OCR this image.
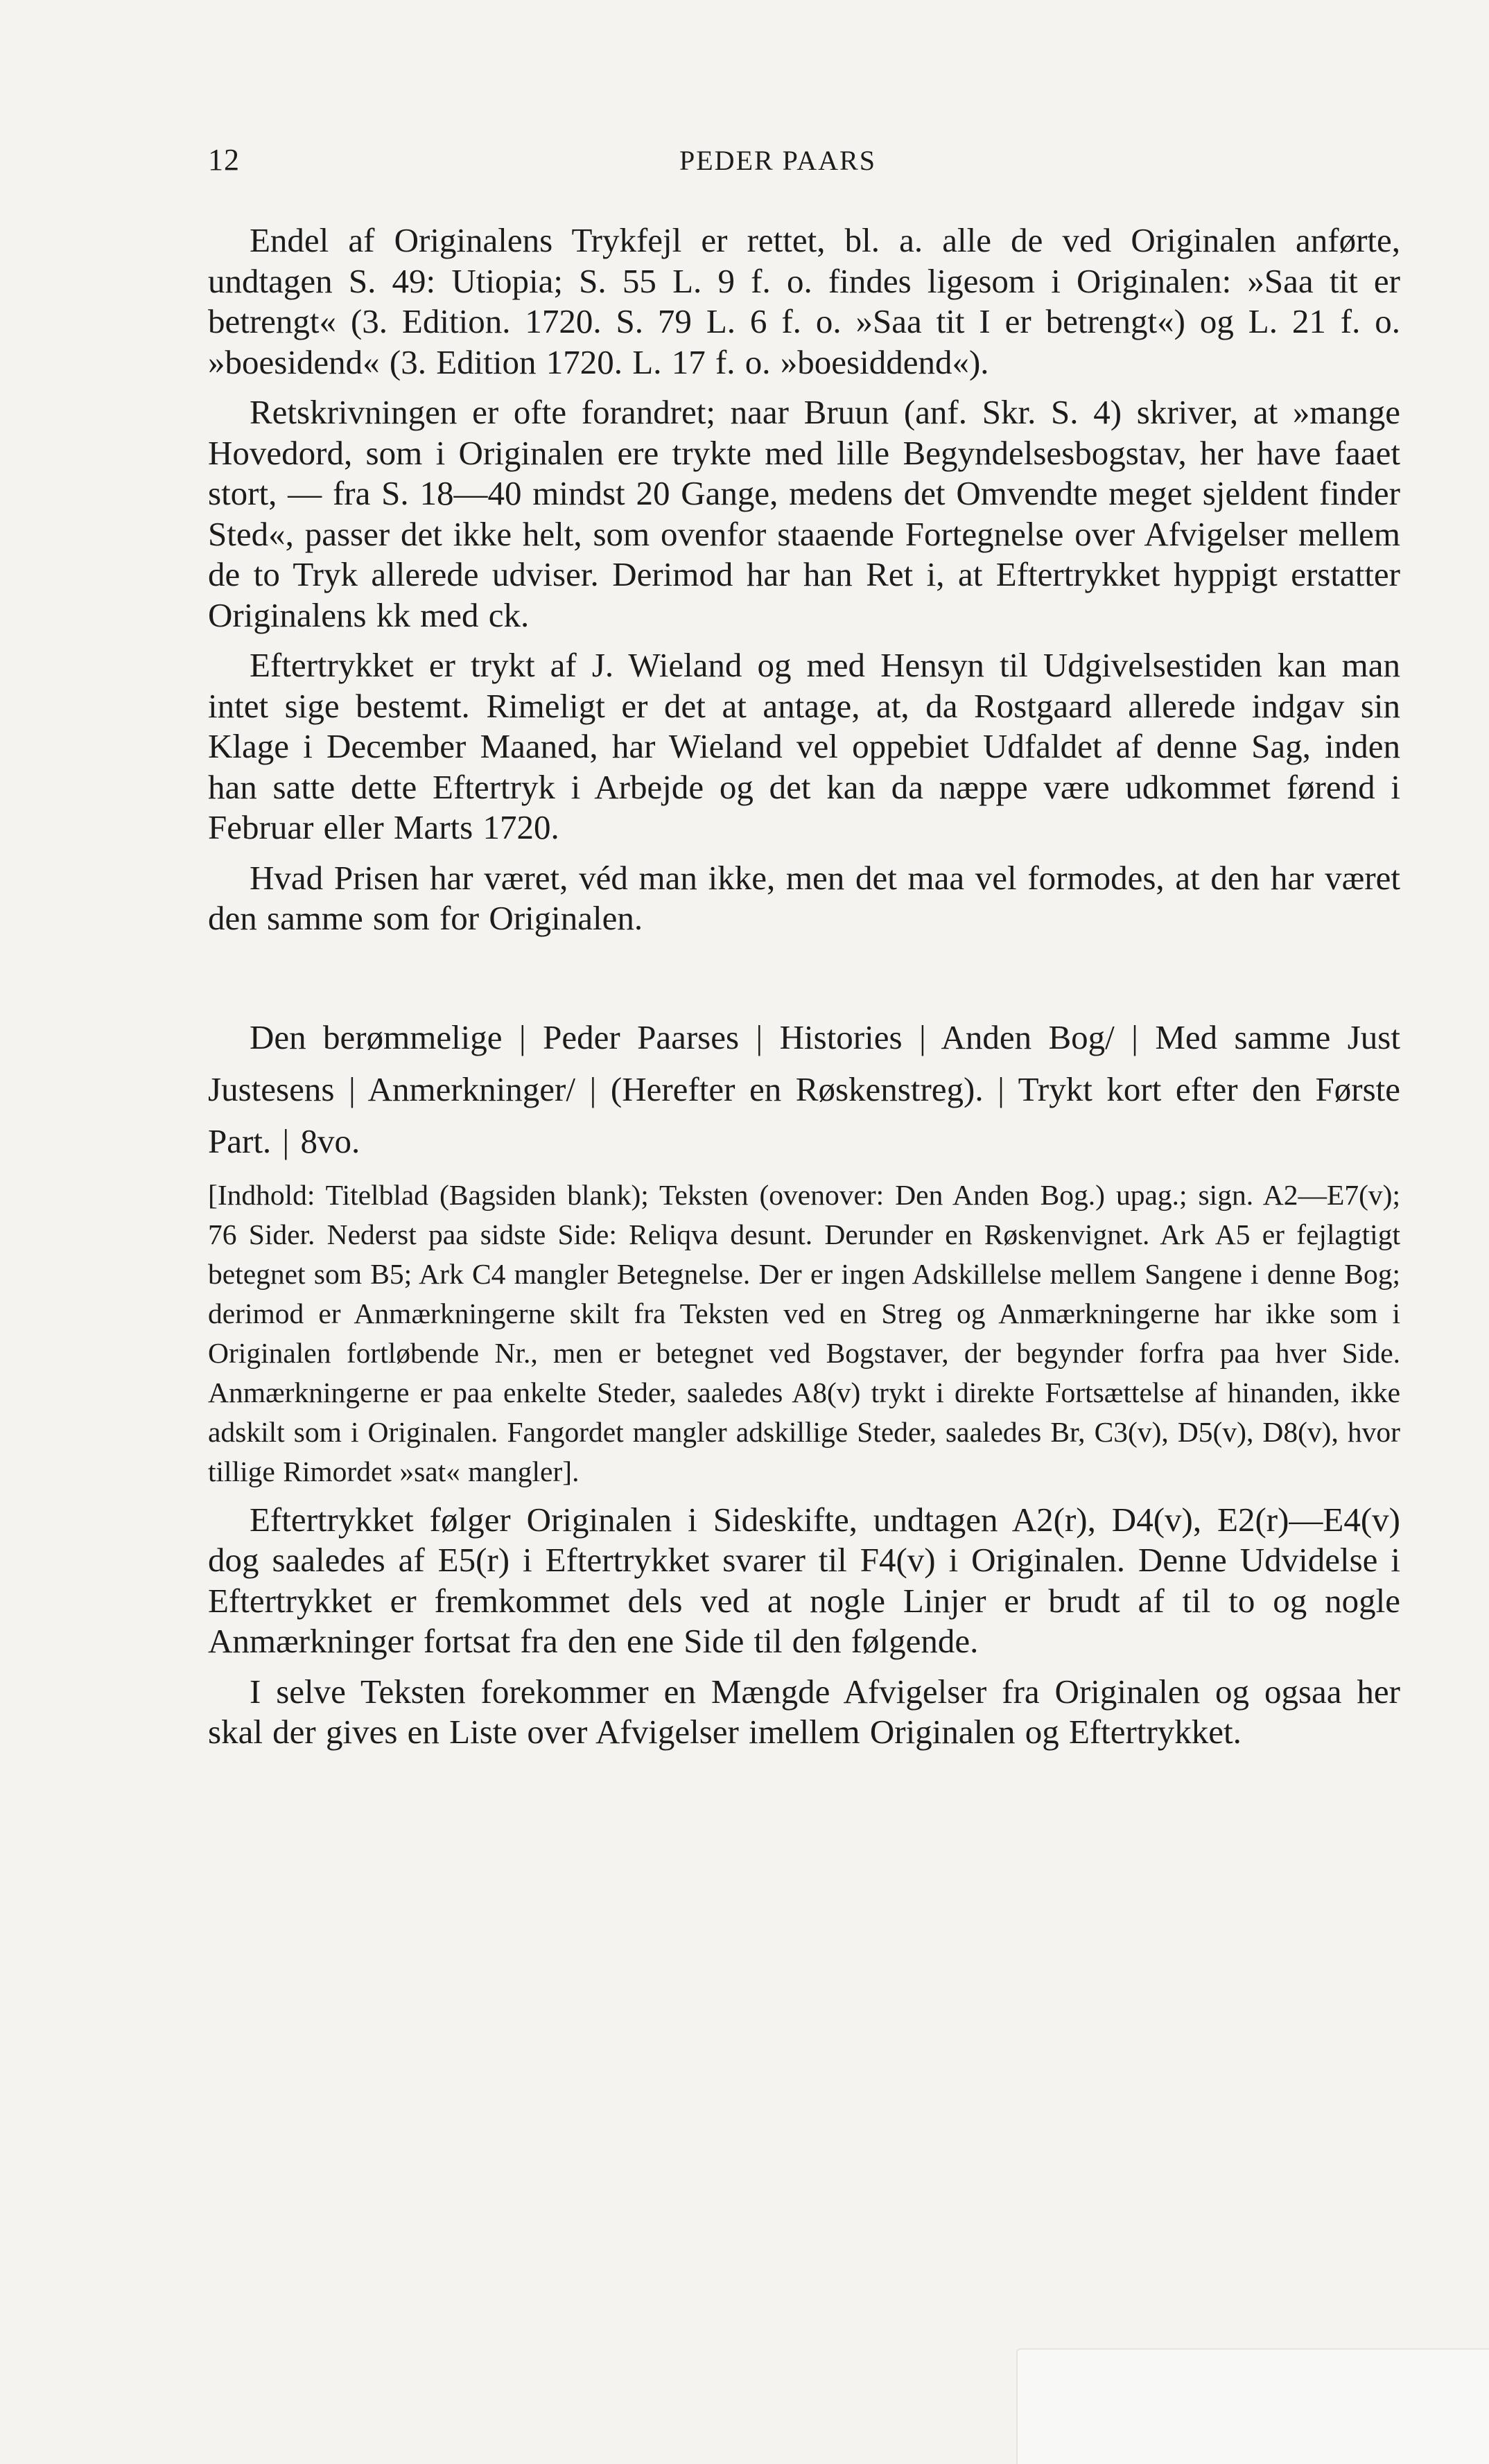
12	PEDER PAARS

Endel af Originalens Trykfejl er rettet, bl. a. alle de ved Originalen anførte, undtagen S. 49: Utiopia; S. 55 L. 9 f. o. findes ligesom i Originalen: »Saa tit er betrengt« (3. Edition. 1720. S. 79 L. 6 f. o. »Saa tit I er betrengt«) og L. 21 f. o. »boesidend« (3. Edition 1720. L. 17 f. o. »boesiddend«).

Retskrivningen er ofte forandret; naar Bruun (anf. Skr. S. 4) skriver, at »mange Hovedord, som i Originalen ere trykte med lille Begyndelsesbogstav, her have faaet stort, — fra S. 18—40 mindst 20 Gange, medens det Omvendte meget sjeldent finder Sted«, passer det ikke helt, som ovenfor staaende Fortegnelse over Afvigelser mellem de to Tryk allerede udviser. Derimod har han Ret i, at Eftertrykket hyppigt erstatter Originalens kk med ck.

Eftertrykket er trykt af J. Wieland og med Hensyn til Udgivelsestiden kan man intet sige bestemt. Rimeligt er det at antage, at, da Rostgaard allerede indgav sin Klage i December Maaned, har Wieland vel oppebiet Udfaldet af denne Sag, inden han satte dette Eftertryk i Arbejde og det kan da næppe være udkommet førend i Februar eller Marts 1720.

Hvad Prisen har været, véd man ikke, men det maa vel formodes, at den har været den samme som for Originalen.

Den berømmelige | Peder Paarses | Histories | Anden Bog/ | Med samme Just Justesens | Anmerkninger/ | (Herefter en Røskenstreg). | Trykt kort efter den Første Part. | 8vo.

[Indhold: Titelblad (Bagsiden blank); Teksten (ovenover: Den Anden Bog.) upag.; sign. A2—E7(v); 76 Sider. Nederst paa sidste Side: Reliqva desunt. Derunder en Røskenvignet. Ark A5 er fejlagtigt betegnet som B5; Ark C4 mangler Betegnelse. Der er ingen Adskillelse mellem Sangene i denne Bog; derimod er Anmærkningerne skilt fra Teksten ved en Streg og Anmærkningerne har ikke som i Originalen fortløbende Nr., men er betegnet ved Bogstaver, der begynder forfra paa hver Side. Anmærkningerne er paa enkelte Steder, saaledes A8(v) trykt i direkte Fortsættelse af hinanden, ikke adskilt som i Originalen. Fangordet mangler adskillige Steder, saaledes Br, C3(v), D5(v), D8(v), hvor tillige Rimordet »sat« mangler].

Eftertrykket følger Originalen i Sideskifte, undtagen A2(r), D4(v), E2(r)—E4(v) dog saaledes af E5(r) i Eftertrykket svarer til F4(v) i Originalen. Denne Udvidelse i Eftertrykket er fremkommet dels ved at nogle Linjer er brudt af til to og nogle Anmærkninger fortsat fra den ene Side til den følgende.

I selve Teksten forekommer en Mængde Afvigelser fra Originalen og ogsaa her skal der gives en Liste over Afvigelser imellem Originalen og Eftertrykket.
